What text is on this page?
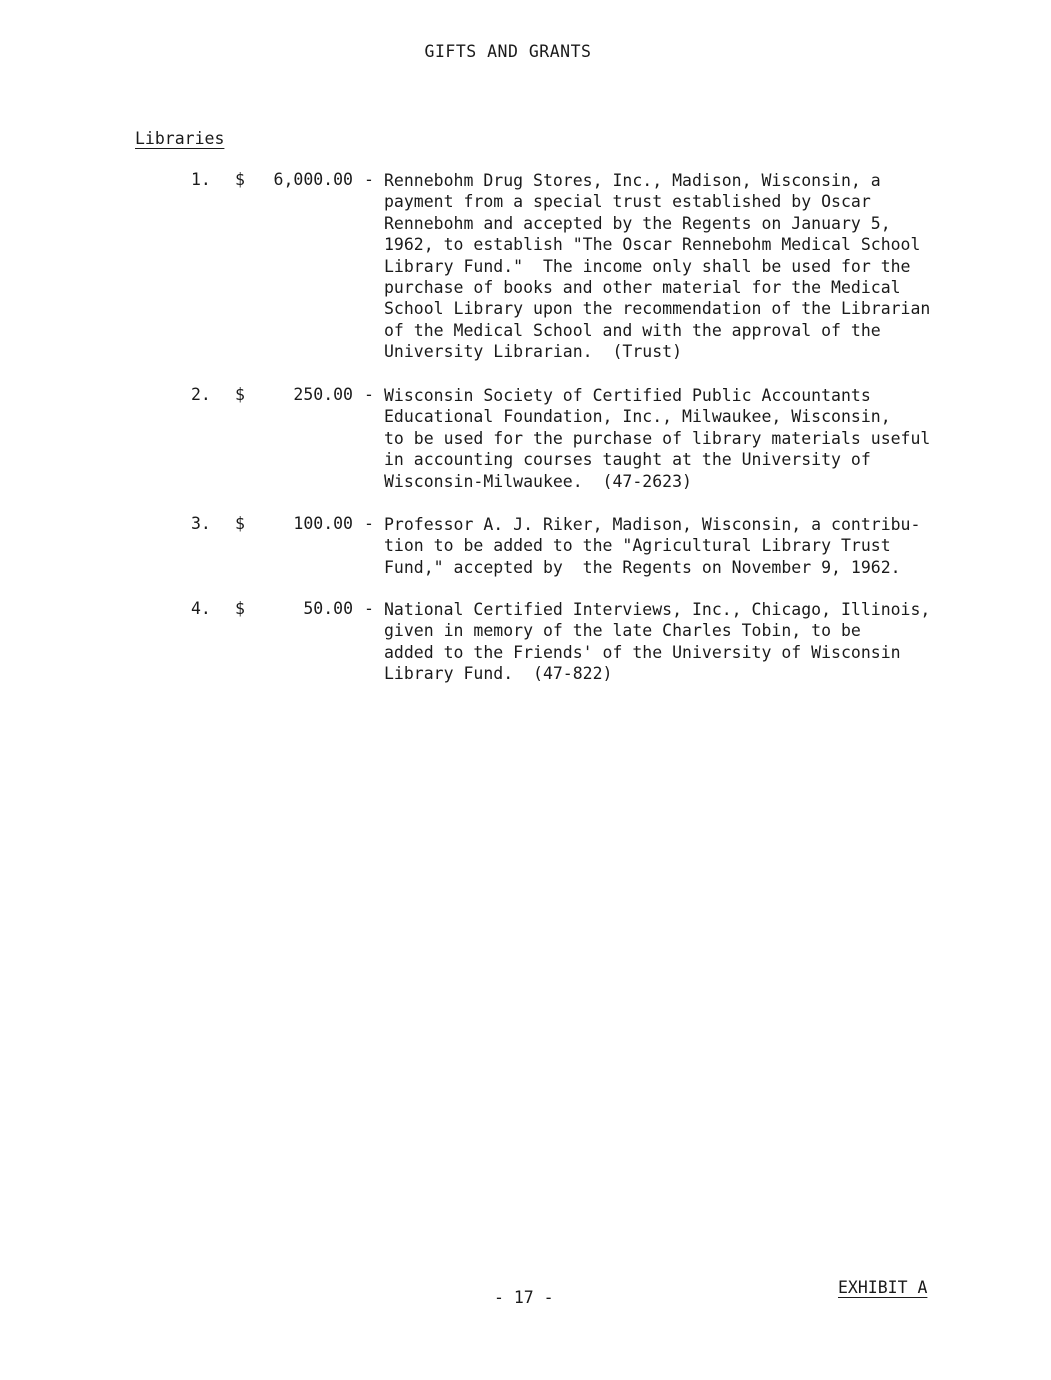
GIFTS AND GRANTS
Libraries
1. $	6,000.00 - Rennebohm Drug Stores, Inc., Madison, Wisconsin, a
payment from a special trust established by Oscar
Rennebohm and accepted by the Regents on January 5,
1962, to establish "The Oscar Rennebohm Medical School
Library Fund."  The income only shall be used for the
purchase of books and other material for the Medical
School Library upon the recommendation of the Librarian
of the Medical School and with the approval of the
University Librarian.  (Trust)
2. $	250.00 - Wisconsin Society of Certified Public Accountants
Educational Foundation, Inc., Milwaukee, Wisconsin,
to be used for the purchase of library materials useful
in accounting courses taught at the University of
Wisconsin-Milwaukee.  (47-2623)
3. $	100.00 - Professor A. J. Riker, Madison, Wisconsin, a contribu-
tion to be added to the "Agricultural Library Trust
Fund," accepted by  the Regents on November 9, 1962.
4. $	50.00 - National Certified Interviews, Inc., Chicago, Illinois,
given in memory of the late Charles Tobin, to be
added to the Friends' of the University of Wisconsin
Library Fund.  (47-822)
- 17 -
EXHIBIT A
